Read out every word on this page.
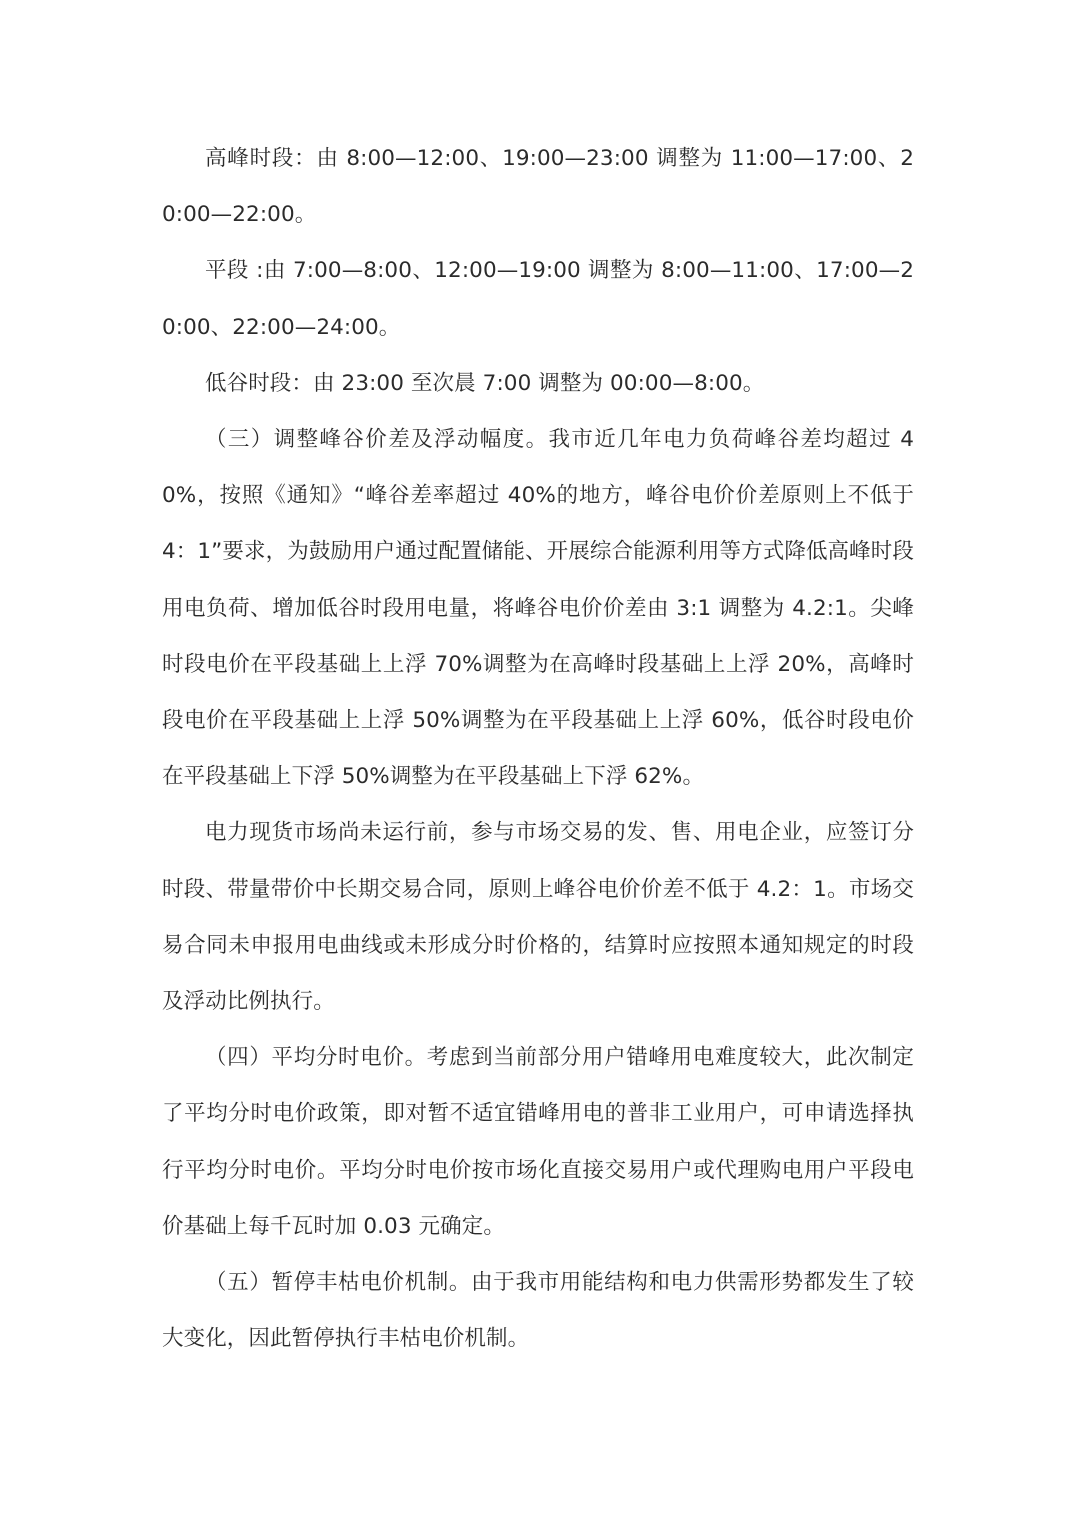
高峰时段：由 8:00—12:00、19:00—23:00 调整为 11:00—17:00、20:00—22:00。

平段 :由 7:00—8:00、12:00—19:00 调整为 8:00—11:00、17:00—20:00、22:00—24:00。

低谷时段：由 23:00 至次晨 7:00 调整为 00:00—8:00。

（三）调整峰谷价差及浮动幅度。我市近几年电力负荷峰谷差均超过 40%，按照《通知》“峰谷差率超过 40%的地方，峰谷电价价差原则上不低于 4：1”要求，为鼓励用户通过配置储能、开展综合能源利用等方式降低高峰时段用电负荷、增加低谷时段用电量，将峰谷电价价差由 3:1 调整为 4.2:1。尖峰时段电价在平段基础上上浮 70%调整为在高峰时段基础上上浮 20%，高峰时段电价在平段基础上上浮 50%调整为在平段基础上上浮 60%，低谷时段电价在平段基础上下浮 50%调整为在平段基础上下浮 62%。

电力现货市场尚未运行前，参与市场交易的发、售、用电企业，应签订分时段、带量带价中长期交易合同，原则上峰谷电价价差不低于 4.2：1。市场交易合同未申报用电曲线或未形成分时价格的，结算时应按照本通知规定的时段及浮动比例执行。

（四）平均分时电价。考虑到当前部分用户错峰用电难度较大，此次制定了平均分时电价政策，即对暂不适宜错峰用电的普非工业用户，可申请选择执行平均分时电价。平均分时电价按市场化直接交易用户或代理购电用户平段电价基础上每千瓦时加 0.03 元确定。

（五）暂停丰枯电价机制。由于我市用能结构和电力供需形势都发生了较大变化，因此暂停执行丰枯电价机制。
